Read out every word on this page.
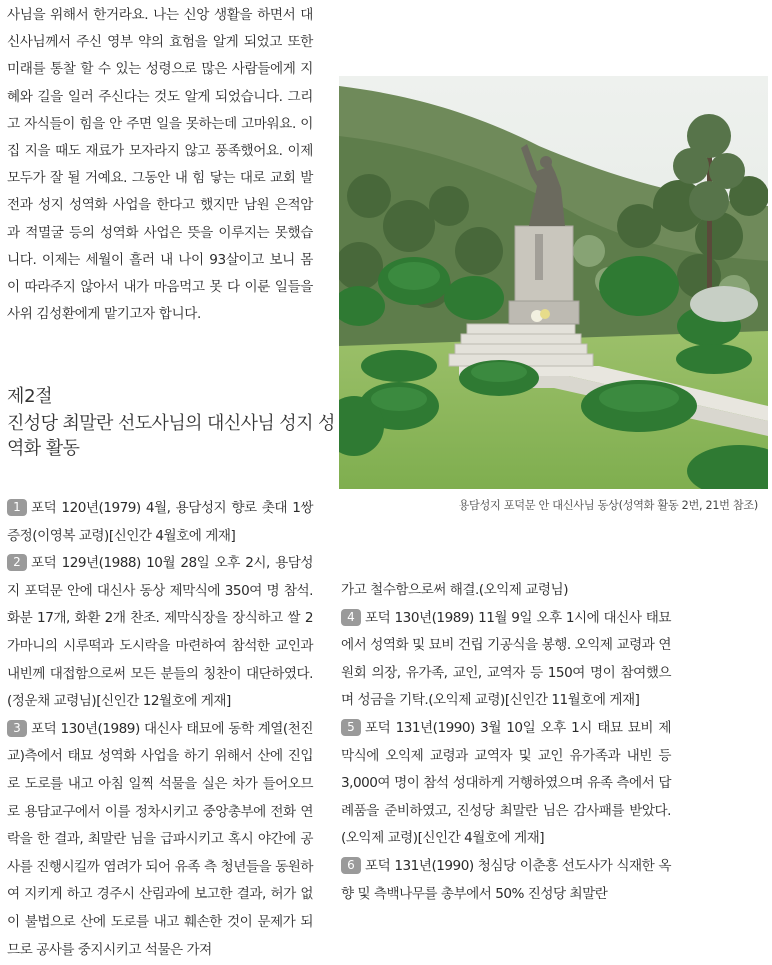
사님을 위해서 한거라요. 나는 신앙 생활을 하면서 대신사님께서 주신 영부 약의 효험을 알게 되었고 또한 미래를 통찰 할 수 있는 성령으로 많은 사람들에게 지혜와 길을 일러 주신다는 것도 알게 되었습니다. 그리고 자식들이 힘을 안 주면 일을 못하는데 고마워요. 이 집 지을 때도 재료가 모자라지 않고 풍족했어요. 이제 모두가 잘 될 거예요. 그동안 내 힘 닿는 대로 교회 발전과 성지 성역화 사업을 한다고 했지만 남원 은적암과 적멸굴 등의 성역화 사업은 뜻을 이루지는 못했습니다. 이제는 세월이 흘러 내 나이 93살이고 보니 몸이 따라주지 않아서 내가 마음먹고 못 다 이룬 일들을 사위 김성환에게 맡기고자 합니다.

제2절
진성당 최말란 선도사님의 대신사님 성지 성역화 활동
용담성지 포덕문 안 대신사님 동상(성역화 활동 2번, 21번 참조)

1 포덕 120년(1979) 4월, 용담성지 향로 촛대 1쌍 증정(이영복 교령)[신인간 4월호에 게재]

2 포덕 129년(1988) 10월 28일 오후 2시, 용담성지 포덕문 안에 대신사 동상 제막식에 350여 명 참석. 화분 17개, 화환 2개 찬조. 제막식장을 장식하고 쌀 2가마니의 시루떡과 도시락을 마련하여 참석한 교인과 내빈께 대접함으로써 모든 분들의 칭찬이 대단하였다. (정운채 교령님)[신인간 12월호에 게재]

3 포덕 130년(1989) 대신사 태묘에 동학 계열(천진교)측에서 태묘 성역화 사업을 하기 위해서 산에 진입로 도로를 내고 아침 일찍 석물을 실은 차가 들어오므로 용담교구에서 이를 정차시키고 중앙총부에 전화 연락을 한 결과, 최말란 님을 급파시키고 혹시 야간에 공사를 진행시킬까 염려가 되어 유족 측 청년들을 동원하여 지키게 하고 경주시 산림과에 보고한 결과, 허가 없이 불법으로 산에 도로를 내고 훼손한 것이 문제가 되므로 공사를 중지시키고 석물은 가져

가고 철수함으로써 해결.(오익제 교령님)

4 포덕 130년(1989) 11월 9일 오후 1시에 대신사 태묘에서 성역화 및 묘비 건립 기공식을 봉행. 오익제 교령과 연원회 의장, 유가족, 교인, 교역자 등 150여 명이 참여했으며 성금을 기탁.(오익제 교령)[신인간 11월호에 게재]

5 포덕 131년(1990) 3월 10일 오후 1시 태묘 묘비 제막식에 오익제 교령과 교역자 및 교인 유가족과 내빈 등 3,000여 명이 참석 성대하게 거행하였으며 유족 측에서 답례품을 준비하였고, 진성당 최말란 님은 감사패를 받았다.(오익제 교령)[신인간 4월호에 게재]

6 포덕 131년(1990) 청심당 이춘흥 선도사가 식재한 옥향 및 측백나무를 총부에서 50% 진성당 최말란
